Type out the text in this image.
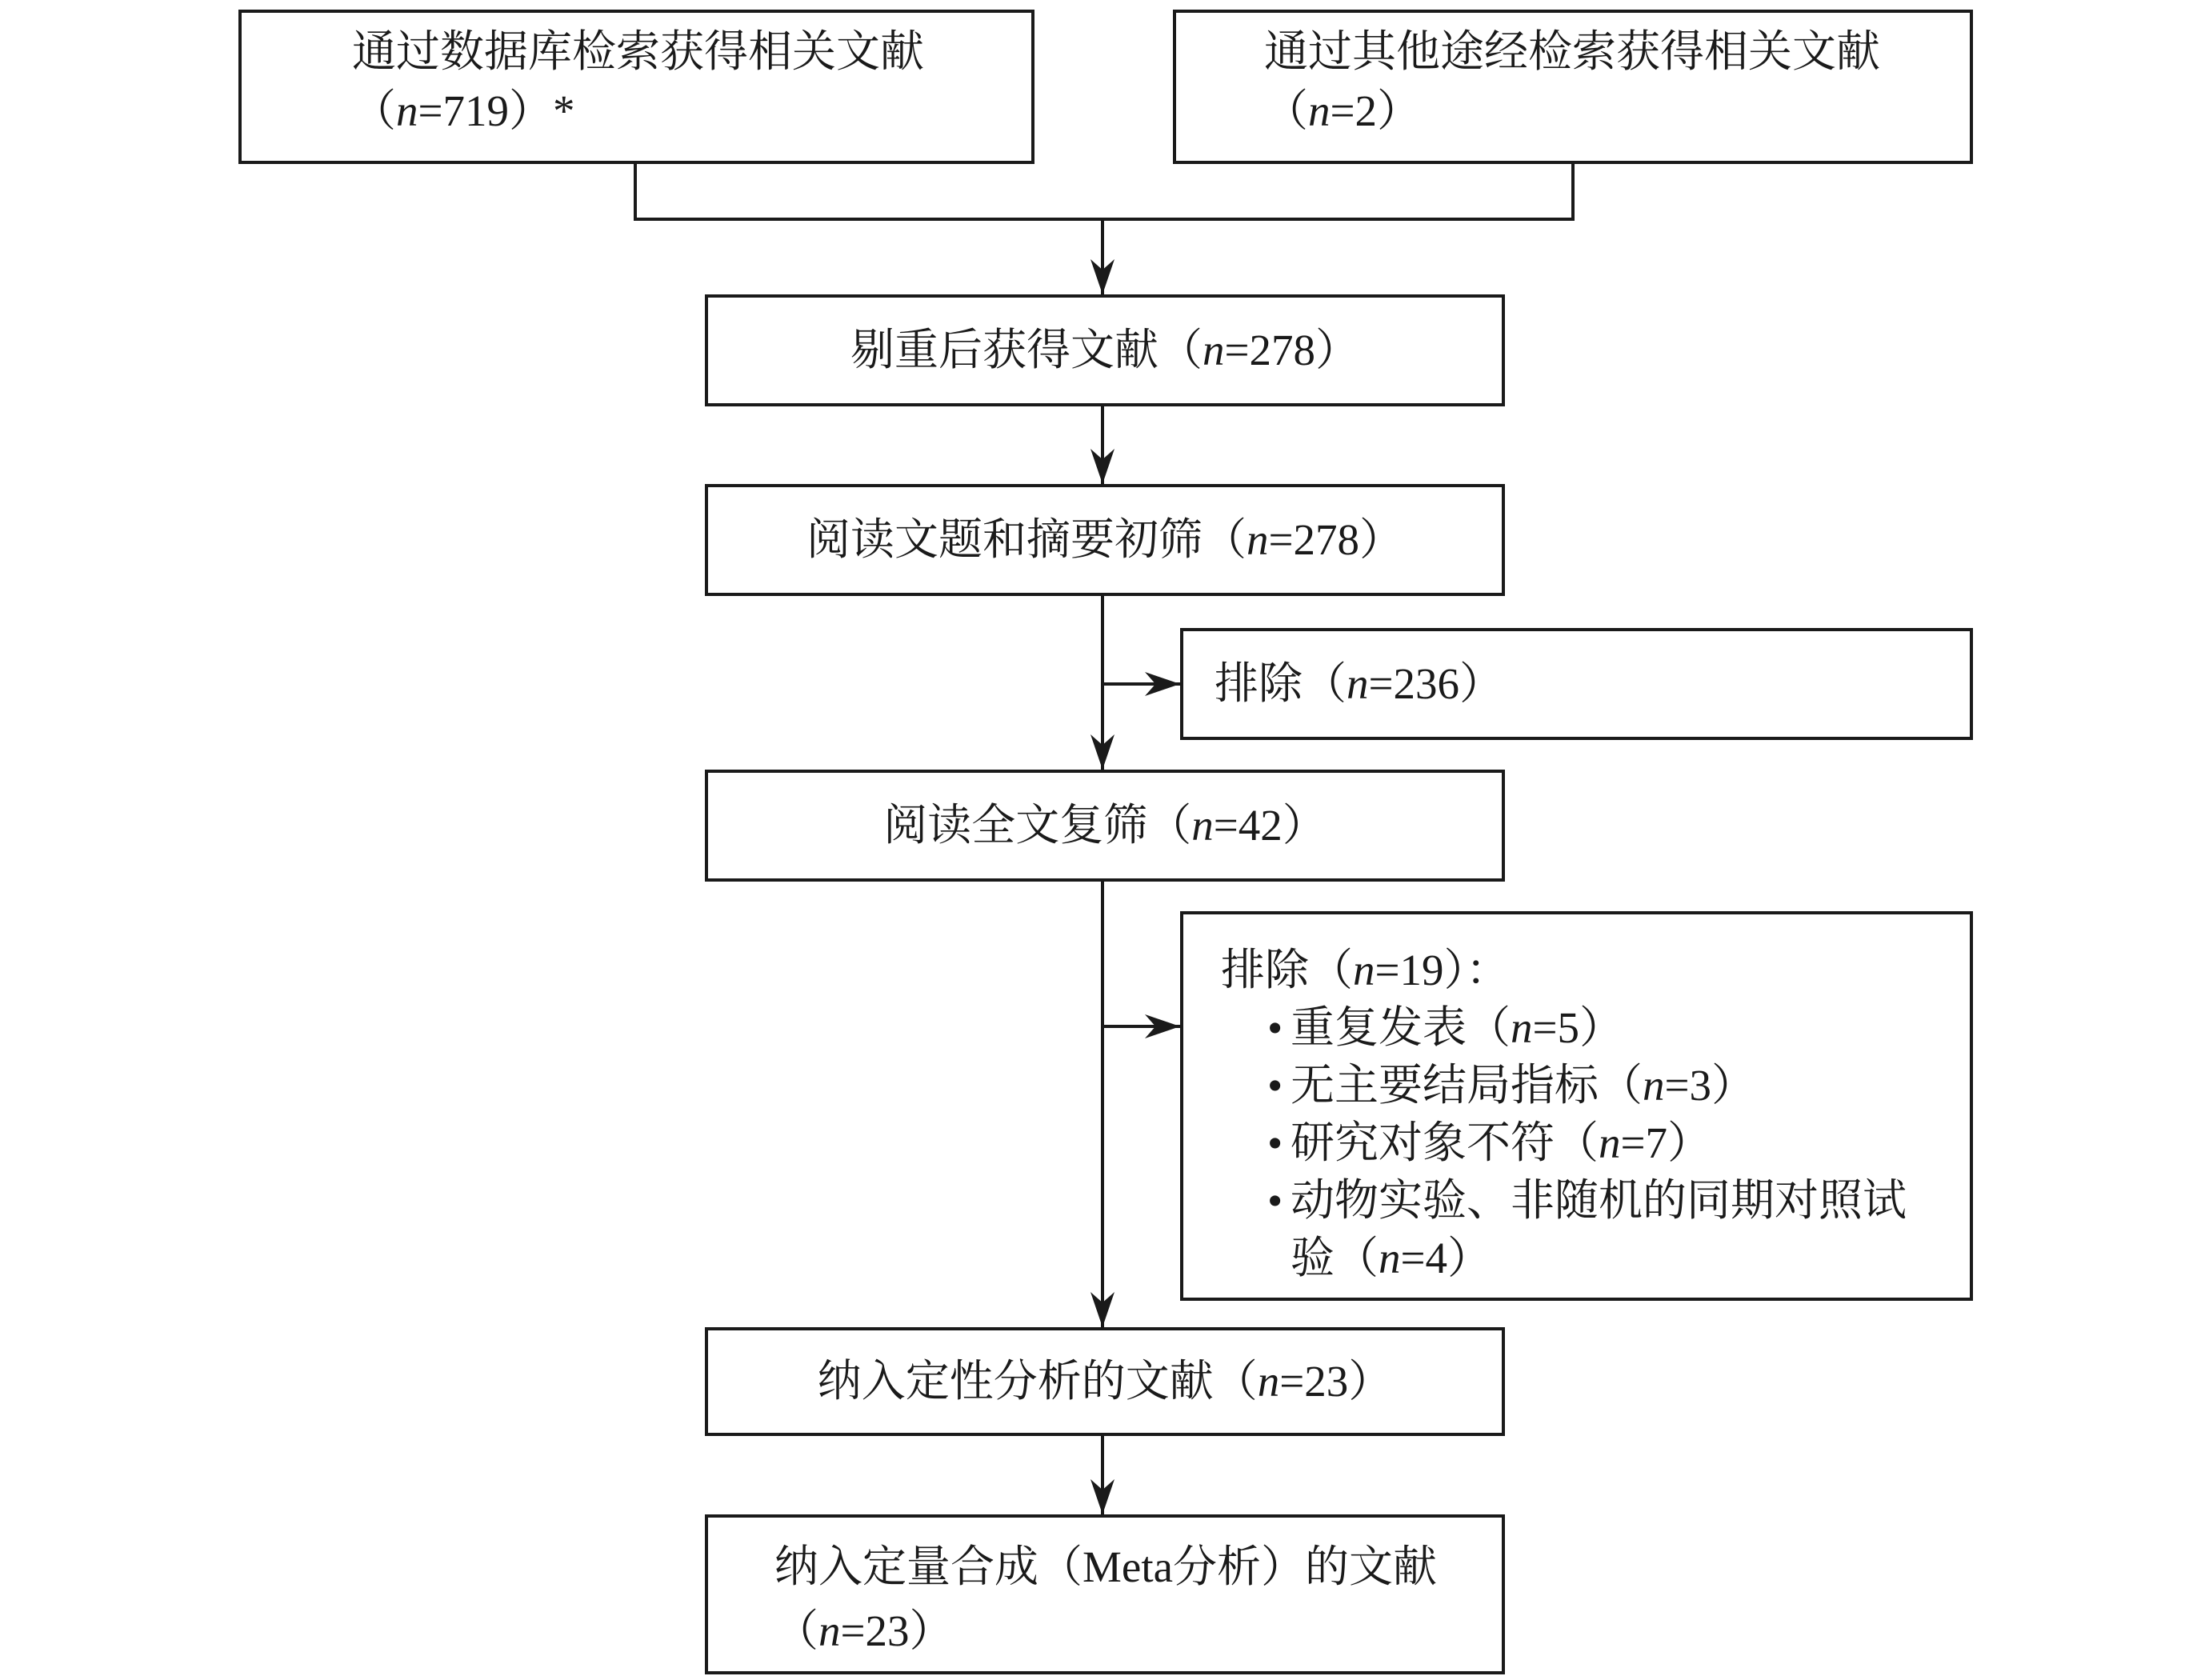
通过数据库检索获得相关文献
（n=719）*
通过其他途经检索获得相关文献
（n=2）
剔重后获得文献（n=278）
阅读文题和摘要初筛（n=278）
排除（n=236）
阅读全文复筛（n=42）
排除（n=19）：
• 重复发表（n=5）
• 无主要结局指标（n=3）
• 研究对象不符（n=7）
• 动物实验、非随机的同期对照试验（n=4）
纳入定性分析的文献（n=23）
纳入定量合成（Meta分析）的文献
（n=23）
